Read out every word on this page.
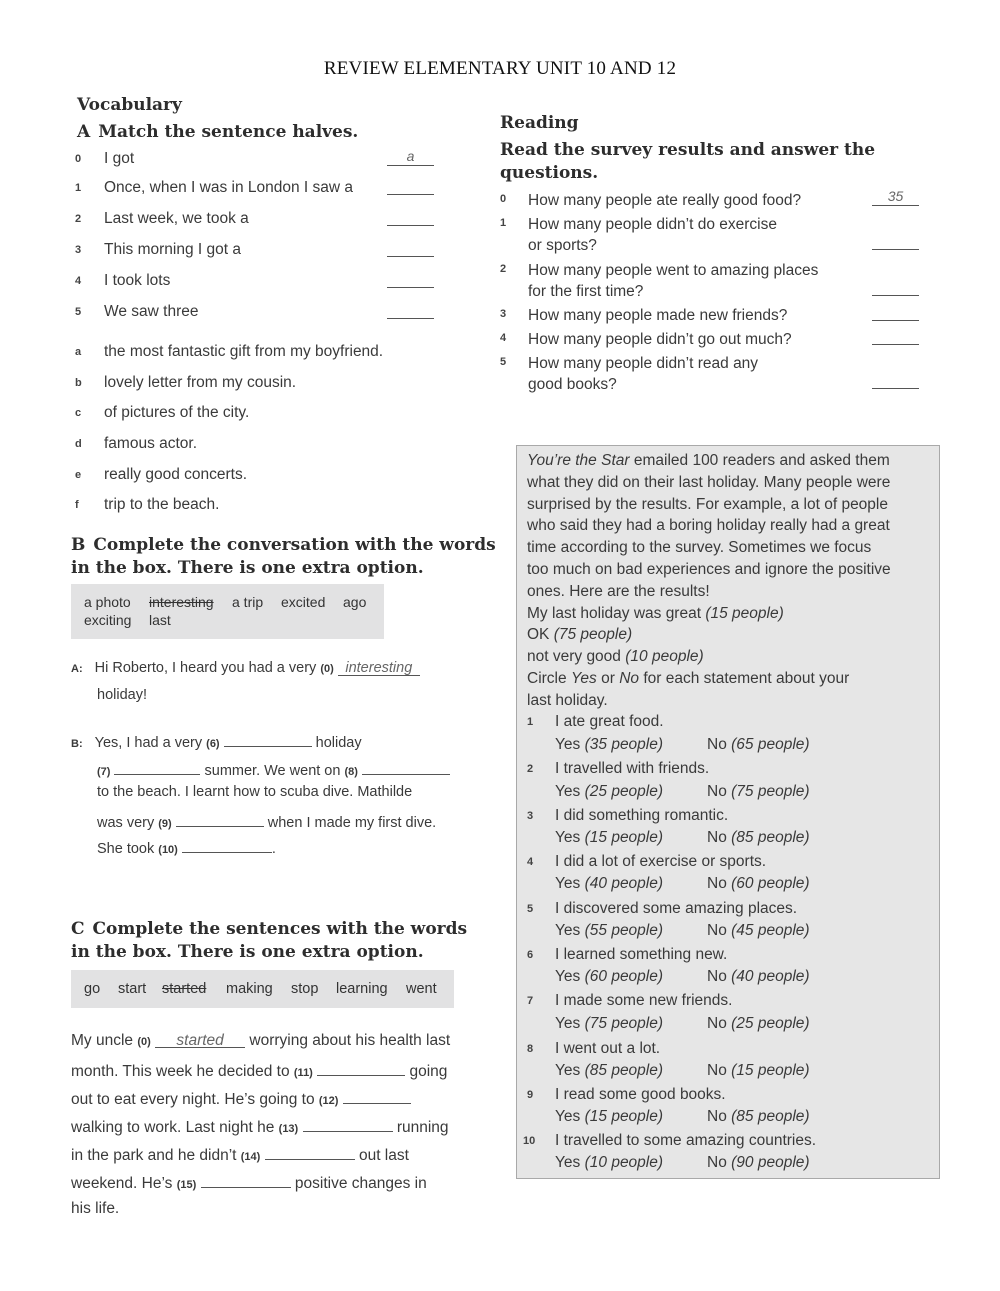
REVIEW ELEMENTARY UNIT 10 AND 12
Vocabulary
A Match the sentence halves.
0	I got	a
1	Once, when I was in London I saw a
2	Last week, we took a
3	This morning I got a
4	I took lots
5	We saw three
a	the most fantastic gift from my boyfriend.
b	lovely letter from my cousin.
c	of pictures of the city.
d	famous actor.
e	really good concerts.
f	trip to the beach.
B Complete the conversation with the words
in the box. There is one extra option.
a photo interesting a trip excited ago
exciting last
A: Hi Roberto, I heard you had a very (0) interesting
holiday!
B: Yes, I had a very (6)	holiday
(7)	summer. We went on (8)
to the beach. I learnt how to scuba dive. Mathilde
was very (9)	when I made my first dive.
She took (10)	.
C Complete the sentences with the words
in the box. There is one extra option.
go start started making stop learning went
My uncle (0) started worrying about his health last
month. This week he decided to (11)	going
out to eat every night. He’s going to (12)
walking to work. Last night he (13)	running
in the park and he didn’t (14)	out last
weekend. He’s (15)	positive changes in
his life.
Reading
Read the survey results and answer the
questions.
0 How many people ate really good food?	35
1 How many people didn’t do exercise
or sports?
2 How many people went to amazing places
for the first time?
3 How many people made new friends?
4 How many people didn’t go out much?
5 How many people didn’t read any
good books?
You’re the Star emailed 100 readers and asked them
what they did on their last holiday. Many people were
surprised by the results. For example, a lot of people
who said they had a boring holiday really had a great
time according to the survey. Sometimes we focus
too much on bad experiences and ignore the positive
ones. Here are the results!
My last holiday was great (15 people)
OK (75 people)
not very good (10 people)
Circle Yes or No for each statement about your
last holiday.
1 I ate great food.
Yes (35 people)	No (65 people)
2 I travelled with friends.
Yes (25 people)	No (75 people)
3 I did something romantic.
Yes (15 people)	No (85 people)
4 I did a lot of exercise or sports.
Yes (40 people)	No (60 people)
5 I discovered some amazing places.
Yes (55 people)	No (45 people)
6 I learned something new.
Yes (60 people)	No (40 people)
7 I made some new friends.
Yes (75 people)	No (25 people)
8 I went out a lot.
Yes (85 people)	No (15 people)
9 I read some good books.
Yes (15 people)	No (85 people)
10 I travelled to some amazing countries.
Yes (10 people)	No (90 people)
